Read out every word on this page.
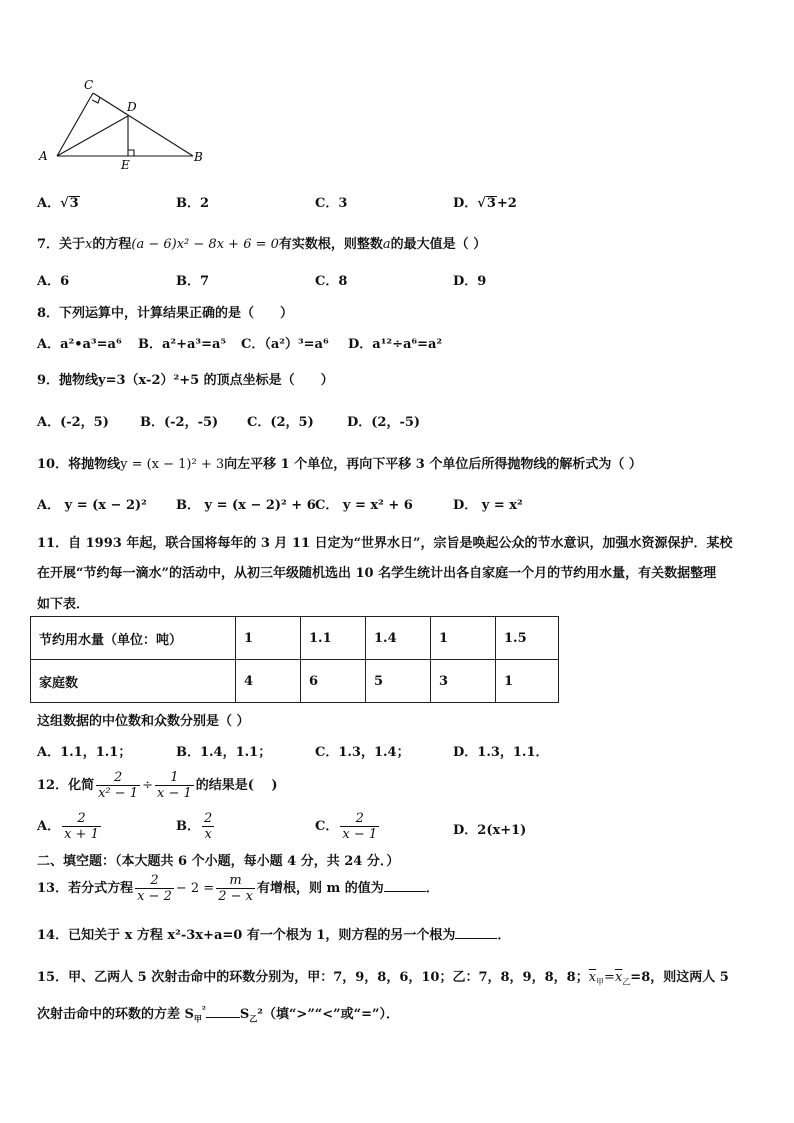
C
D
A	B
E
A．√3	B．2	C．3	D．√3+2
7．关于x的方程(a − 6)x² − 8x + 6 = 0有实数根，则整数a的最大值是（ ）
A．6	B．7	C．8	D．9
8．下列运算中，计算结果正确的是（　　）
A．a²•a³=a⁶ B．a²+a³=a⁵ C．（a²）³=a⁶ D．a¹²÷a⁶=a²
9．抛物线y=3（x-2）²+5 的顶点坐标是（　　）
A．(-2，5) B．(-2，-5) C．(2，5)	D．(2，-5)
10．将抛物线y = (x − 1)² + 3向左平移 1 个单位，再向下平移 3 个单位后所得抛物线的解析式为（ ）
A． y = (x − 2)² B． y = (x − 2)² + 6 C． y = x² + 6	D． y = x²
11．自 1993 年起，联合国将每年的 3 月 11 日定为“世界水日”，宗旨是唤起公众的节水意识，加强水资源保护．某校
在开展“节约每一滴水”的活动中，从初三年级随机选出 10 名学生统计出各自家庭一个月的节约用水量，有关数据整理
如下表．
节约用水量（单位：吨）	1	1.1	1.4	1	1.5
家庭数	4	6	5	3	1
这组数据的中位数和众数分别是（ ）
A．1.1，1.1；	B．1.4，1.1；	C．1.3，1.4；	D．1.3，1.1．
12．化简 $\frac{2}{\text{x² − 1}} \div \frac{1}{x - 1}$ 的结果是(　 )
A． $\frac{2}{x + 1}$	B． $\frac{2}{x}$	C． $\frac{2}{x - 1}$	D．2(x+1)
二、填空题：（本大题共 6 个小题，每小题 4 分，共 24 分．）
13．若分式方程 $\frac{2}{x - 2} - 2 = \frac{m}{2 - x}$ 有增根，则 m 的值为	．
14．已知关于 x 方程 x²-3x+a=0 有一个根为 1，则方程的另一个根为	．
15．甲、乙两人 5 次射击命中的环数分别为，甲：7，9，8，6，10；乙：7，8，9，8，8；$\overline{x}_甲=\overline{x}_乙=8$，则这两人 5
次射击命中的环数的方差 $S_甲^{^2}$	$S_乙^2$（填“>”“<”或“=”）．
